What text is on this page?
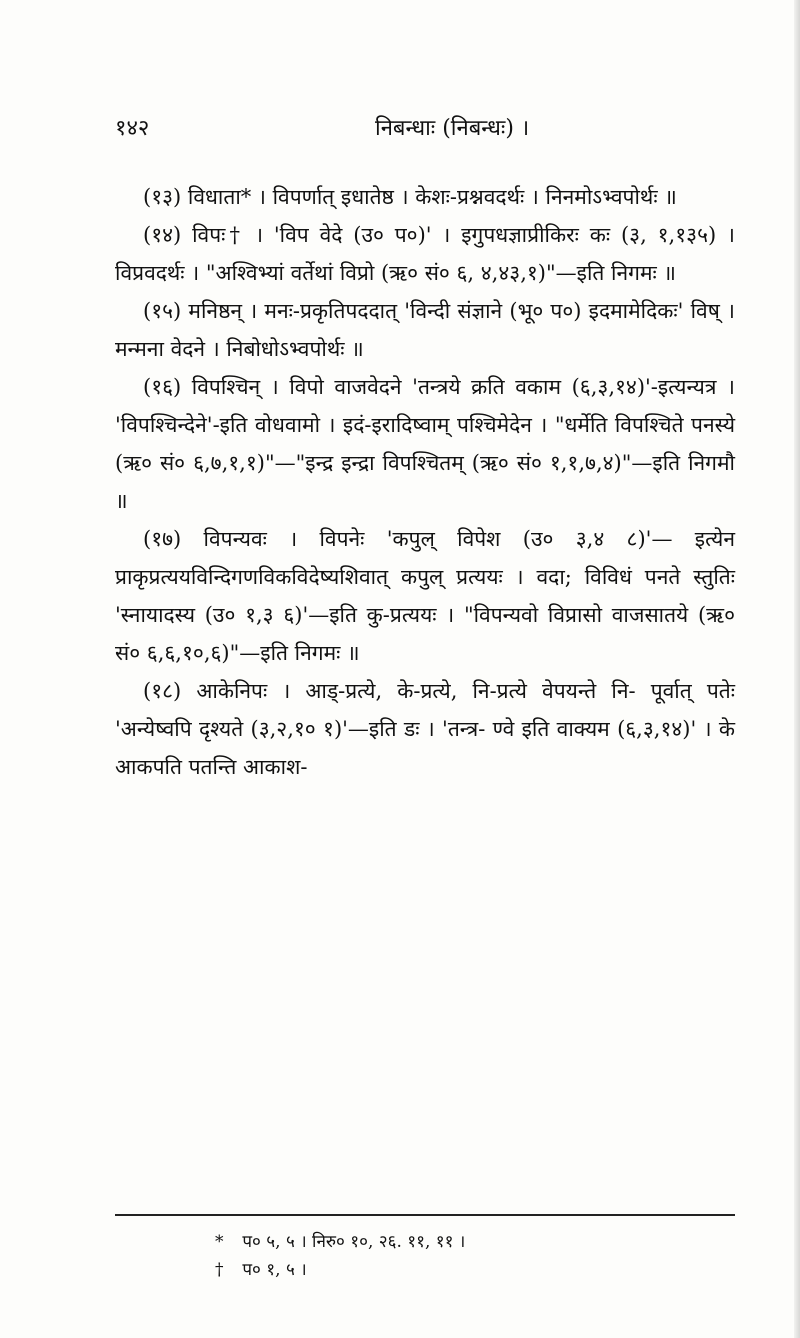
१४२	निबन्धाः (निबन्धः) ।

(१३) विधाता* । विपर्णात् इधातेष्ठ । केशः-प्रश्नवदर्थः । निनमोऽभ्वपोर्थः ॥

(१४) विपः† । 'विप वेदे (उ० प०)' । इगुपधज्ञाप्रीकिरः कः (३, १,१३५) । विप्रवदर्थः । "अश्विभ्यां वर्तेथां विप्रो (ऋ० सं० ६, ४,४३,१)"—इति निगमः ॥

(१५) मनिष्ठन् । मनः-प्रकृतिपददात् 'विन्दी संज्ञाने (भू० प०) इदमामेदिकः' विष् । मन्मना वेदने । निबोधोऽभ्वपोर्थः ॥

(१६) विपश्चिन् । विपो वाजवेदने 'तन्त्रये क्रति वकाम (६,३,१४)'-इत्यन्यत्र । 'विपश्चिन्देने'-इति वोधवामो । इदं-इरादिष्वाम् पश्चिमेदेन । "धर्मेति विपश्चिते पनस्ये (ऋ० सं० ६,७,१,१)"—"इन्द्र इन्द्रा विपश्चितम् (ऋ० सं० १,१,७,४)"—इति निगमौ ॥

(१७) विपन्यवः । विपनेः 'कपुल् विपेश (उ० ३,४ ८)'— इत्येन प्राकृप्रत्ययविन्दिगणविकविदेष्यशिवात् कपुल् प्रत्ययः । वदा; विविधं पनते स्तुतिः 'स्नायादस्य (उ० १,३ ६)'—इति कु-प्रत्ययः । "विपन्यवो विप्रासो वाजसातये (ऋ० सं० ६,६,१०,६)"—इति निगमः ॥

(१८) आकेनिपः । आड्-प्रत्ये, के-प्रत्ये, नि-प्रत्ये वेपयन्ते नि- पूर्वात् पतेः 'अन्येष्वपि दृश्यते (३,२,१० १)'—इति डः । 'तन्त्र- ण्वे इति वाक्यम (६,३,१४)' । के आकपति पतन्ति आकाश-

* प० ५, ५ । निरु० १०, २६. ११, ११ ।
† प० १, ५ ।
